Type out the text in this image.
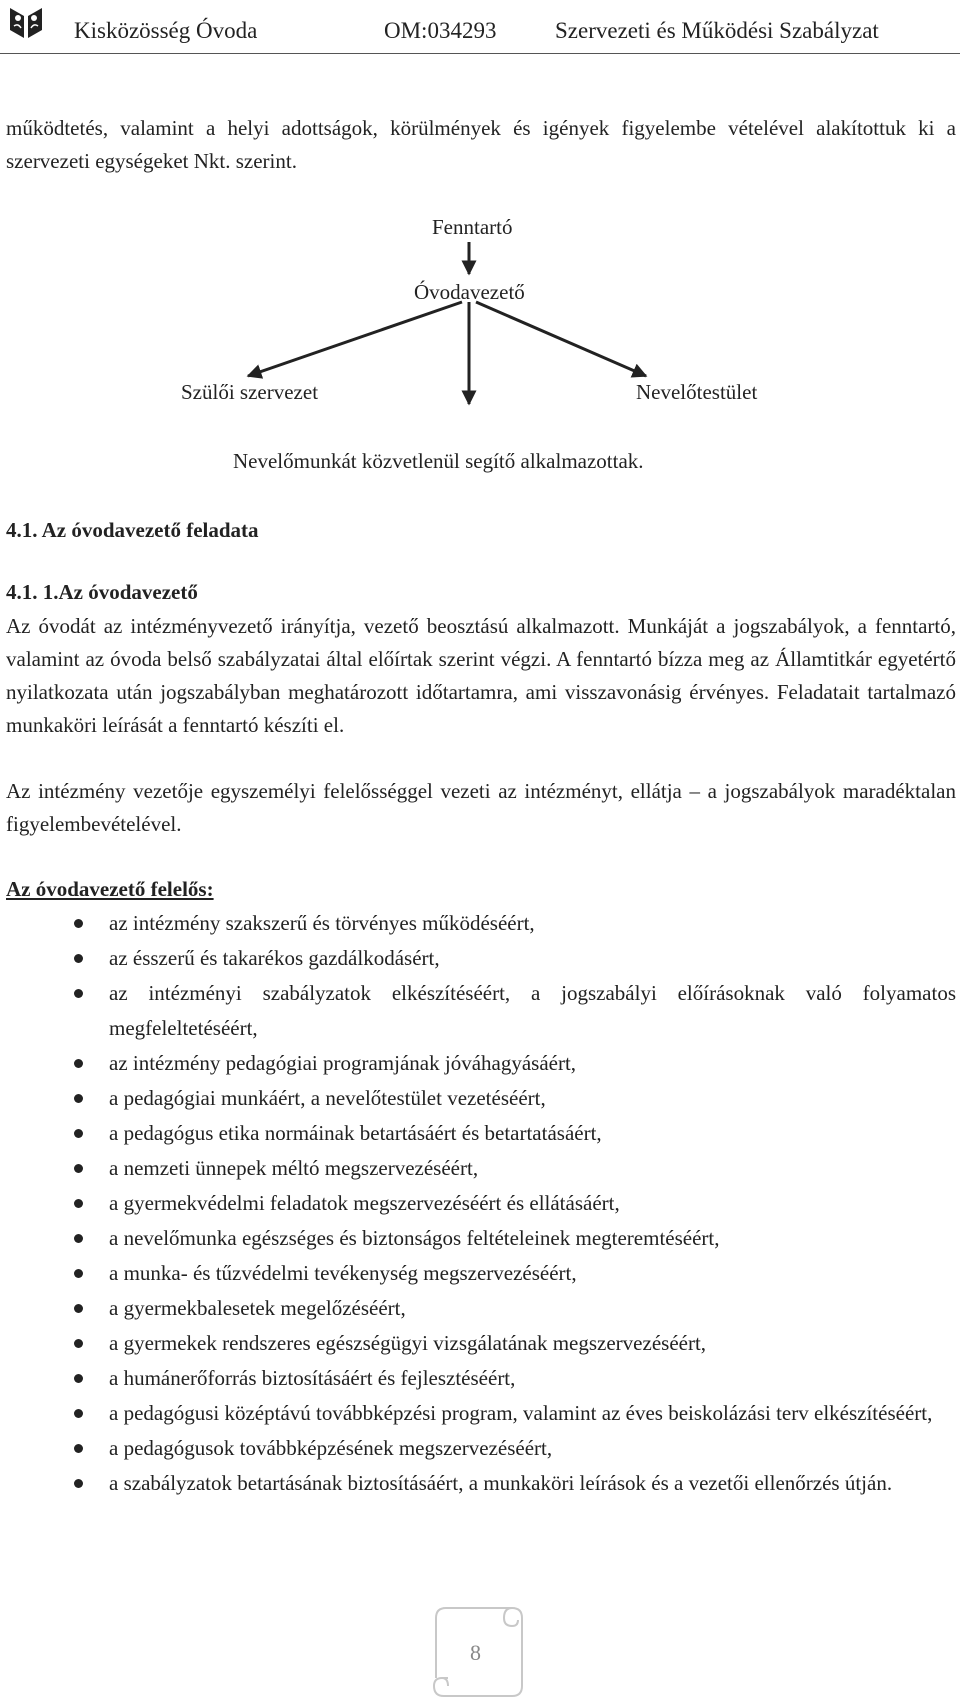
Kisközösség Óvoda	OM:034293	Szervezeti és Működési Szabályzat

működtetés, valamint a helyi adottságok, körülmények és igények figyelembe vételével alakítottuk ki a szervezeti egységeket Nkt. szerint.

Fenntartó
Óvodavezető
Szülői szervezet	Nevelőtestület
Nevelőmunkát közvetlenül segítő alkalmazottak.
4.1. Az óvodavezető feladata
4.1. 1.Az óvodavezető

Az óvodát az intézményvezető irányítja, vezető beosztású alkalmazott. Munkáját a jogszabályok, a fenntartó, valamint az óvoda belső szabályzatai által előírtak szerint végzi. A fenntartó bízza meg az Államtitkár egyetértő nyilatkozata után jogszabályban meghatározott időtartamra, ami visszavonásig érvényes. Feladatait tartalmazó munkaköri leírását a fenntartó készíti el.

Az intézmény vezetője egyszemélyi felelősséggel vezeti az intézményt, ellátja – a jogszabályok maradéktalan figyelembevételével.

Az óvodavezető felelős:
az intézmény szakszerű és törvényes működéséért,
az ésszerű és takarékos gazdálkodásért,
az intézményi szabályzatok elkészítéséért, a jogszabályi előírásoknak való folyamatos megfeleltetéséért,
az intézmény pedagógiai programjának jóváhagyásáért,
a pedagógiai munkáért, a nevelőtestület vezetéséért,
a pedagógus etika normáinak betartásáért és betartatásáért,
a nemzeti ünnepek méltó megszervezéséért,
a gyermekvédelmi feladatok megszervezéséért és ellátásáért,
a nevelőmunka egészséges és biztonságos feltételeinek megteremtéséért,
a munka- és tűzvédelmi tevékenység megszervezéséért,
a gyermekbalesetek megelőzéséért,
a gyermekek rendszeres egészségügyi vizsgálatának megszervezéséért,
a humánerőforrás biztosításáért és fejlesztéséért,
a pedagógusi középtávú továbbképzési program, valamint az éves beiskolázási terv elkészítéséért,
a pedagógusok továbbképzésének megszervezéséért,
a szabályzatok betartásának biztosításáért, a munkaköri leírások és a vezetői ellenőrzés útján.
8
